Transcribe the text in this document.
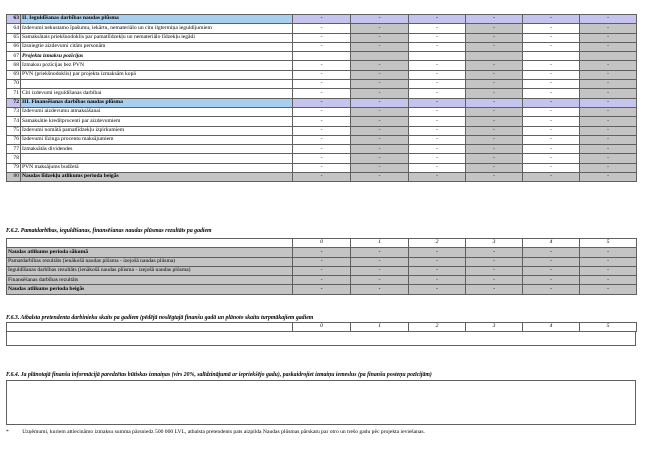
63	II. Ieguldīšanas darbības naudas plūsma	-	-	-	-	-	-
64	Izdevumi nekustamo īpašumu, iekārtu, nemateriālo un citu ilgtermiņa ieguldījumiem	-	-	-	-	-	-
65	Samaksātais priekšnodoklis par pamatlīdzekļu un nemateriālo līdzekļu iegādi	-	-	-	-	-	-
66	Izsniegtie aizdevumi citām personām	-	-	-	-	-	-
67	Projekta izmaksu pozīcijas						
68	Izmaksu pozīcijas bez PVN	-	-	-	-	-	-
69	PVN (priekšnodoklis) par projekta izmaksām kopā	-	-	-	-	-	-
70		-	-	-	-	-	-
71	Citi izdevumi ieguldīšanas darbībai	-	-	-	-	-	-
72	III. Finansēšanas darbības naudas plūsma	-	-	-	-	-	-
73	Izdevumi aizdevumu atmaksāšanai	-	-	-	-	-	-
74	Samaksātie kredītprocenti par aizdevumiem	-	-	-	-	-	-
75	Izdevumi nomātā pamatlīdzekļu izpirkumiem	-	-	-	-	-	-
76	Izdevumi līzinga procentu maksājumiem	-	-	-	-	-	-
77	Izmaksātās dividendes	-	-	-	-	-	-
78		-	-	-	-	-	-
79	PVN maksājums budžetā	-	-	-	-	-	-
80	Naudas līdzekļu atlikums perioda beigās	-	-	-	-	-	-
F.6.2. Pamatdarbības, ieguldīšanas, finansēšanas naudas plūsmas rezultāts pa gadiem
	0	1	2	3	4	5
Naudas atlikums perioda sākumā	-	-	-	-	-	-
Pamatdarbības rezultāts (ienākošā naudas plūsma - izejošā naudas plūsma)	-	-	-	-	-	-
Ieguldīšanas darbības rezultāts (ienākošā naudas plūsma - izejošā naudas plūsma)	-	-	-	-	-	-
Finansēšanas darbības rezultāts	-	-	-	-	-	-
Naudas atlikums perioda beigās	-	-	-	-	-	-
F.6.3. Atbalsta pretendenta darbinieku skaits pa gadiem (pēdējā noslēgtajā finanšu gadā un plānoto skaitu turpmākajiem gadiem
	0	1	2	3	4	5
F.6.4. Ja plānotajā finanšu informācijā paredzētas būtiskas izmaiņas (virs 20%, salīdzinājumā ar iepriekšējo gadu), paskaidrojiet izmaiņu iemeslus (pa finanšu posteņu pozīcijām)
* Uzņēmumi, kuriem attiecināmo izmaksu summa pārsniedz 500 000 LVL, atbalsta pretendents pats aizpilda Naudas plūsmas pārskatu par otro un trešo gadu pēc projekta ieviešanas.
